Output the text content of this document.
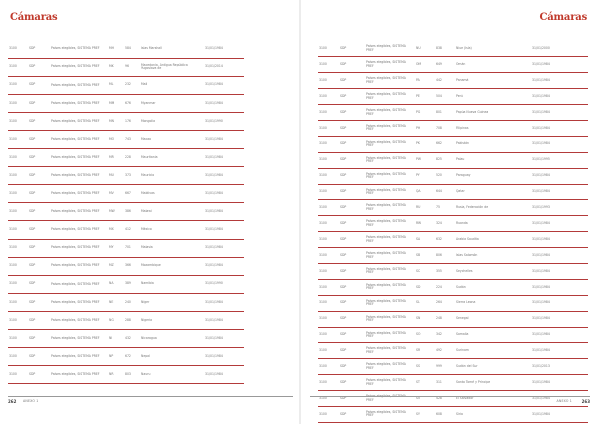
Cámaras
3100	SDP	Países elegibles, SISTEMA PREF	MH	584	Islas Marshall	31/01/1984
3100	SDP	Países elegibles, SISTEMA PREF	MK	96	Macedonia, Antigua República Yugoslava de	31/01/2014
3100	SDP	Países elegibles, SISTEMA PREF	ML	232	Mali	31/01/1984
3100	SDP	Países elegibles, SISTEMA PREF	MM	676	Myanmar	31/01/1984
3100	SDP	Países elegibles, SISTEMA PREF	MN	176	Mongolia	31/01/1990
3100	SDP	Países elegibles, SISTEMA PREF	MO	743	Macao	31/01/1984
3100	SDP	Países elegibles, SISTEMA PREF	MR	228	Mauritania	31/01/1984
3100	SDP	Países elegibles, SISTEMA PREF	MU	373	Mauricio	31/01/1984
3100	SDP	Países elegibles, SISTEMA PREF	MV	667	Maldivas	31/01/1984
3100	SDP	Países elegibles, SISTEMA PREF	MW	386	Malawi	31/01/1984
3100	SDP	Países elegibles, SISTEMA PREF	MX	412	México	31/01/1984
3100	SDP	Países elegibles, SISTEMA PREF	MY	701	Malasia	31/01/1984
3100	SDP	Países elegibles, SISTEMA PREF	MZ	366	Mozambique	31/01/1984
3100	SDP	Países elegibles, SISTEMA PREF	NA	389	Namibia	31/01/1990
3100	SDP	Países elegibles, SISTEMA PREF	NE	240	Níger	31/01/1984
3100	SDP	Países elegibles, SISTEMA PREF	NG	288	Nigeria	31/01/1984
3100	SDP	Países elegibles, SISTEMA PREF	NI	432	Nicaragua	31/01/1984
3100	SDP	Países elegibles, SISTEMA PREF	NP	672	Nepal	31/01/1984
3100	SDP	Países elegibles, SISTEMA PREF	NR	803	Nauru	31/01/1984
262 ANEXO 1
Cámaras
3100	SDP	Países elegibles, SISTEMA PREF	NU	838	Niue (Isla)	31/01/2000
3100	SDP	Países elegibles, SISTEMA PREF	OM	649	Omán	31/01/1984
3100	SDP	Países elegibles, SISTEMA PREF	PA	442	Panamá	31/01/1984
3100	SDP	Países elegibles, SISTEMA PREF	PE	504	Perú	31/01/1984
3100	SDP	Países elegibles, SISTEMA PREF	PG	801	Papúa Nueva Guinea	31/01/1984
3100	SDP	Países elegibles, SISTEMA PREF	PH	708	Filipinas	31/01/1984
3100	SDP	Países elegibles, SISTEMA PREF	PK	662	Pakistán	31/01/1984
3100	SDP	Países elegibles, SISTEMA PREF	PW	825	Palau	31/01/1995
3100	SDP	Países elegibles, SISTEMA PREF	PY	520	Paraguay	31/01/1984
3100	SDP	Países elegibles, SISTEMA PREF	QA	644	Qatar	31/01/1984
3100	SDP	Países elegibles, SISTEMA PREF	RU	75	Rusia, Federación de	31/01/1993
3100	SDP	Países elegibles, SISTEMA PREF	RW	324	Ruanda	31/01/1984
3100	SDP	Países elegibles, SISTEMA PREF	SA	632	Arabia Saudita	31/01/1984
3100	SDP	Países elegibles, SISTEMA PREF	SB	806	Islas Salomón	31/01/1984
3100	SDP	Países elegibles, SISTEMA PREF	SC	355	Seychelles	31/01/1984
3100	SDP	Países elegibles, SISTEMA PREF	SD	224	Sudán	31/01/1984
3100	SDP	Países elegibles, SISTEMA PREF	SL	264	Sierra Leona	31/01/1984
3100	SDP	Países elegibles, SISTEMA PREF	SN	248	Senegal	31/01/1984
3100	SDP	Países elegibles, SISTEMA PREF	SO	342	Somalia	31/01/1984
3100	SDP	Países elegibles, SISTEMA PREF	SR	492	Surinam	31/01/1984
3100	SDP	Países elegibles, SISTEMA PREF	SS	999	Sudán del Sur	31/01/2013
3100	SDP	Países elegibles, SISTEMA PREF	ST	311	Santo Tomé y Príncipe	31/01/1984
3100	SDP	Países elegibles, SISTEMA PREF	SV	428	El Salvador	31/01/1984
3100	SDP	Países elegibles, SISTEMA PREF	SY	608	Siria	31/01/1984
ANEXO 1 263
